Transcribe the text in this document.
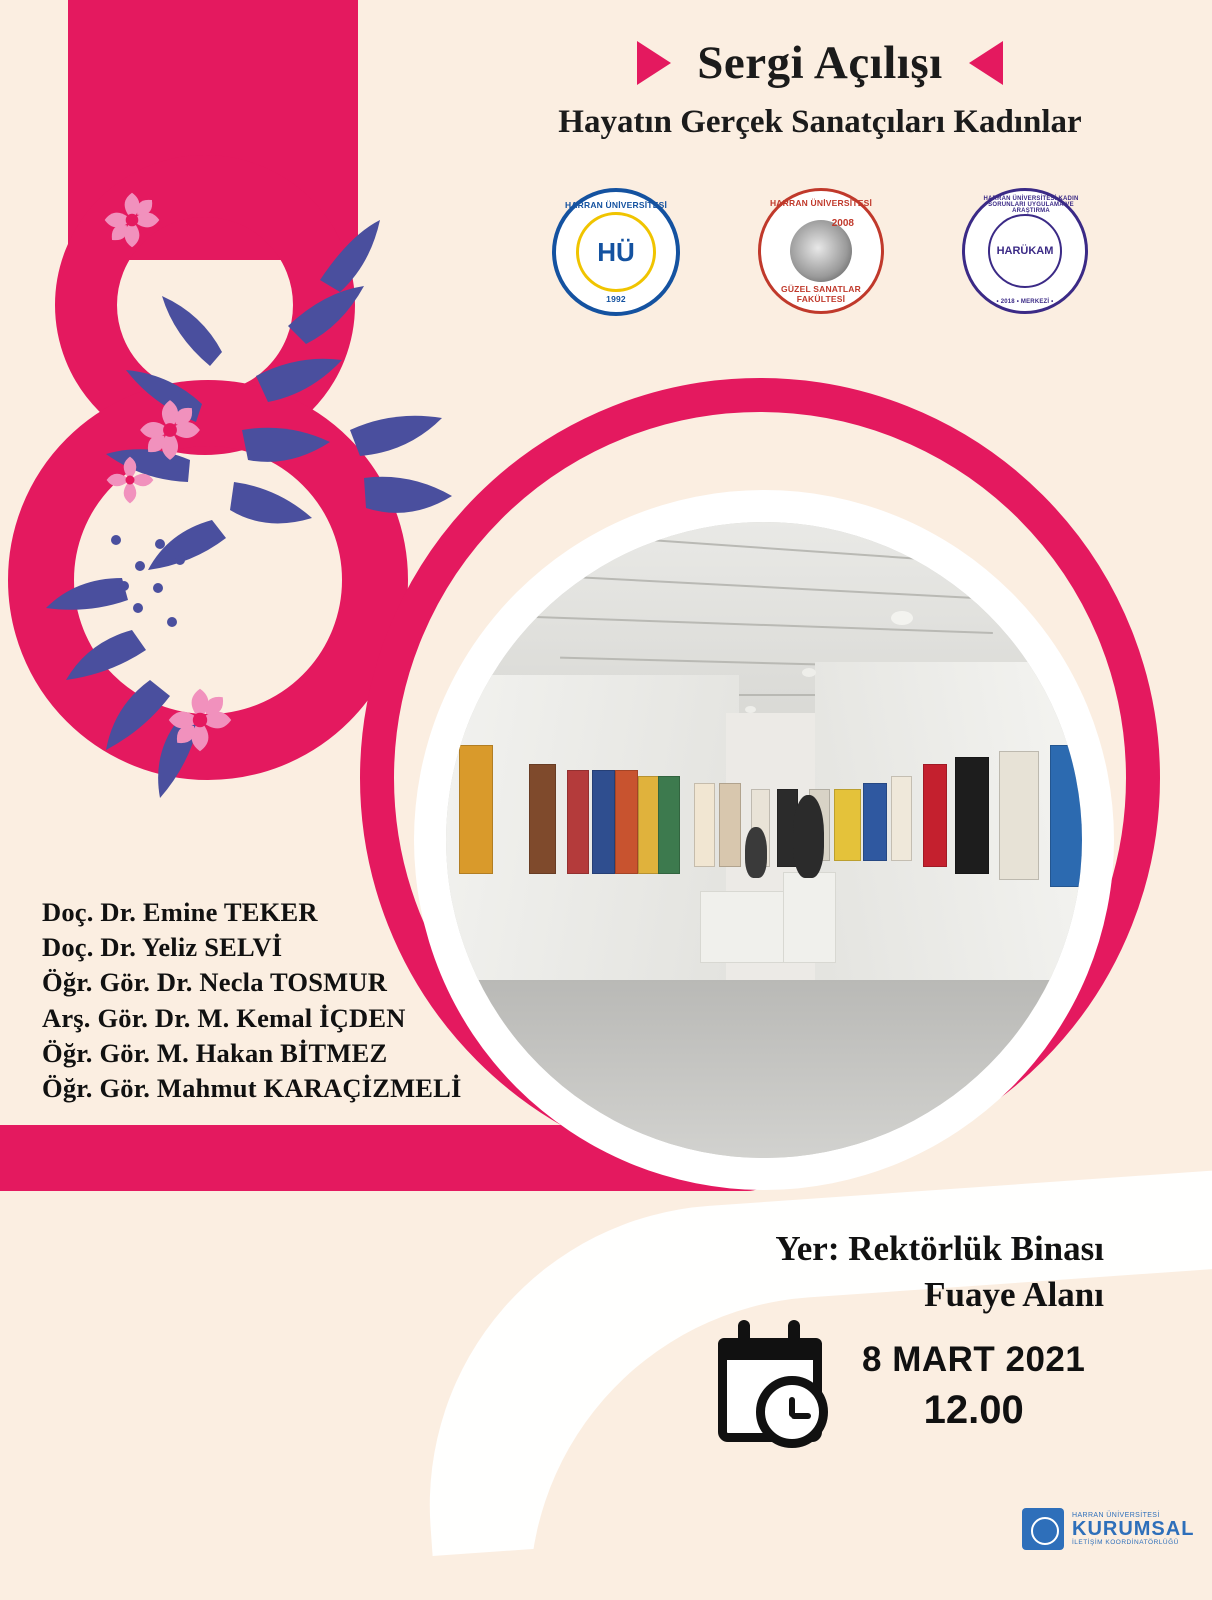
Sergi Açılışı
Hayatın Gerçek Sanatçıları Kadınlar
HARRAN ÜNİVERSİTESİ
1992
HÜ
HARRAN ÜNİVERSİTESİ
GÜZEL SANATLAR FAKÜLTESİ
2008
HARRAN ÜNİVERSİTESİ KADIN SORUNLARI UYGULAMA VE ARAŞTIRMA
• 2018 • MERKEZİ •
HARÜKAM
Doç. Dr. Emine TEKER
Doç. Dr. Yeliz SELVİ
Öğr. Gör. Dr. Necla TOSMUR
Arş. Gör. Dr. M. Kemal İÇDEN
Öğr. Gör. M. Hakan BİTMEZ
Öğr. Gör. Mahmut KARAÇİZMELİ
Yer: Rektörlük Binası
Fuaye Alanı
8 MART 2021
12.00
HARRAN ÜNİVERSİTESİ
KURUMSAL
İLETİŞİM KOORDİNATÖRLÜĞÜ
